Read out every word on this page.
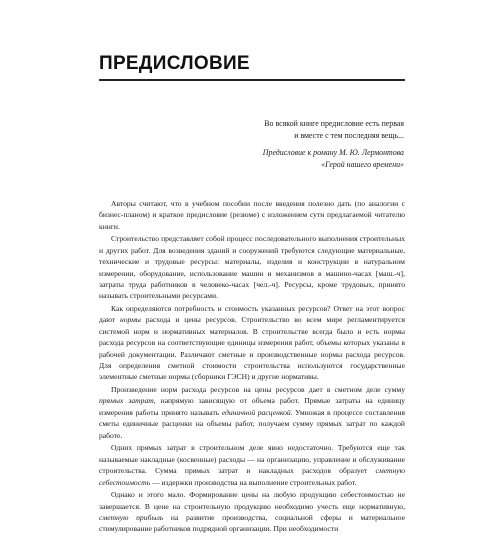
ПРЕДИСЛОВИЕ
Во всякой книге предисловие есть первая
и вместе с тем последняя вещь...
Предисловие к роману М. Ю. Лермонтова
«Герой нашего времени»

Авторы считают, что в учебном пособии после введения полезно дать (по аналогии с бизнес-планом) и краткое предисловие (резюме) с изложением сути предлагаемой читателю книги.

Строительство представляет собой процесс последовательного выполнения строительных и других работ. Для возведения зданий и сооружений требуются следующие материальные, технические и трудовые ресурсы: материалы, изделия и конструкции в натуральном измерении, оборудование, использование машин и механизмов в машино-часах [маш.-ч], затраты труда работников в человеко-часах [чел.-ч]. Ресурсы, кроме трудовых, принято называть строительными ресурсами.

Как определяются потребность и стоимость указанных ресурсов? Ответ на этот вопрос дают нормы расхода и цены ресурсов. Строительство во всем мире регламентируется системой норм и нормативных материалов. В строительстве всегда было и есть нормы расхода ресурсов на соответствующие единицы измерения работ, объемы которых указаны в рабочей документации. Различают сметные и производственные нормы расхода ресурсов. Для определения сметной стоимости строительства используются государственные элементные сметные нормы (сборники ГЭСН) и другие нормативы.

Произведение норм расхода ресурсов на цены ресурсов дает в сметном деле сумму прямых затрат, напрямую зависящую от объема работ. Прямые затраты на единицу измерения работы принято называть единичной расценкой. Умножая в процессе составления сметы единичные расценки на объемы работ, получаем сумму прямых затрат по каждой работе.

Одних прямых затрат в строительном деле явно недостаточно. Требуются еще так называемые накладные (косвенные) расходы — на организацию, управление и обслуживание строительства. Сумма прямых затрат и накладных расходов образует сметную себестоимость — издержки производства на выполнение строительных работ.

Однако и этого мало. Формирование цены на любую продукцию себестоимостью не завершается. В цене на строительную продукцию необходимо учесть еще нормативную, сметную прибыль на развитие производства, социальной сферы и материальное стимулирование работников подрядной организации. При необходимости
